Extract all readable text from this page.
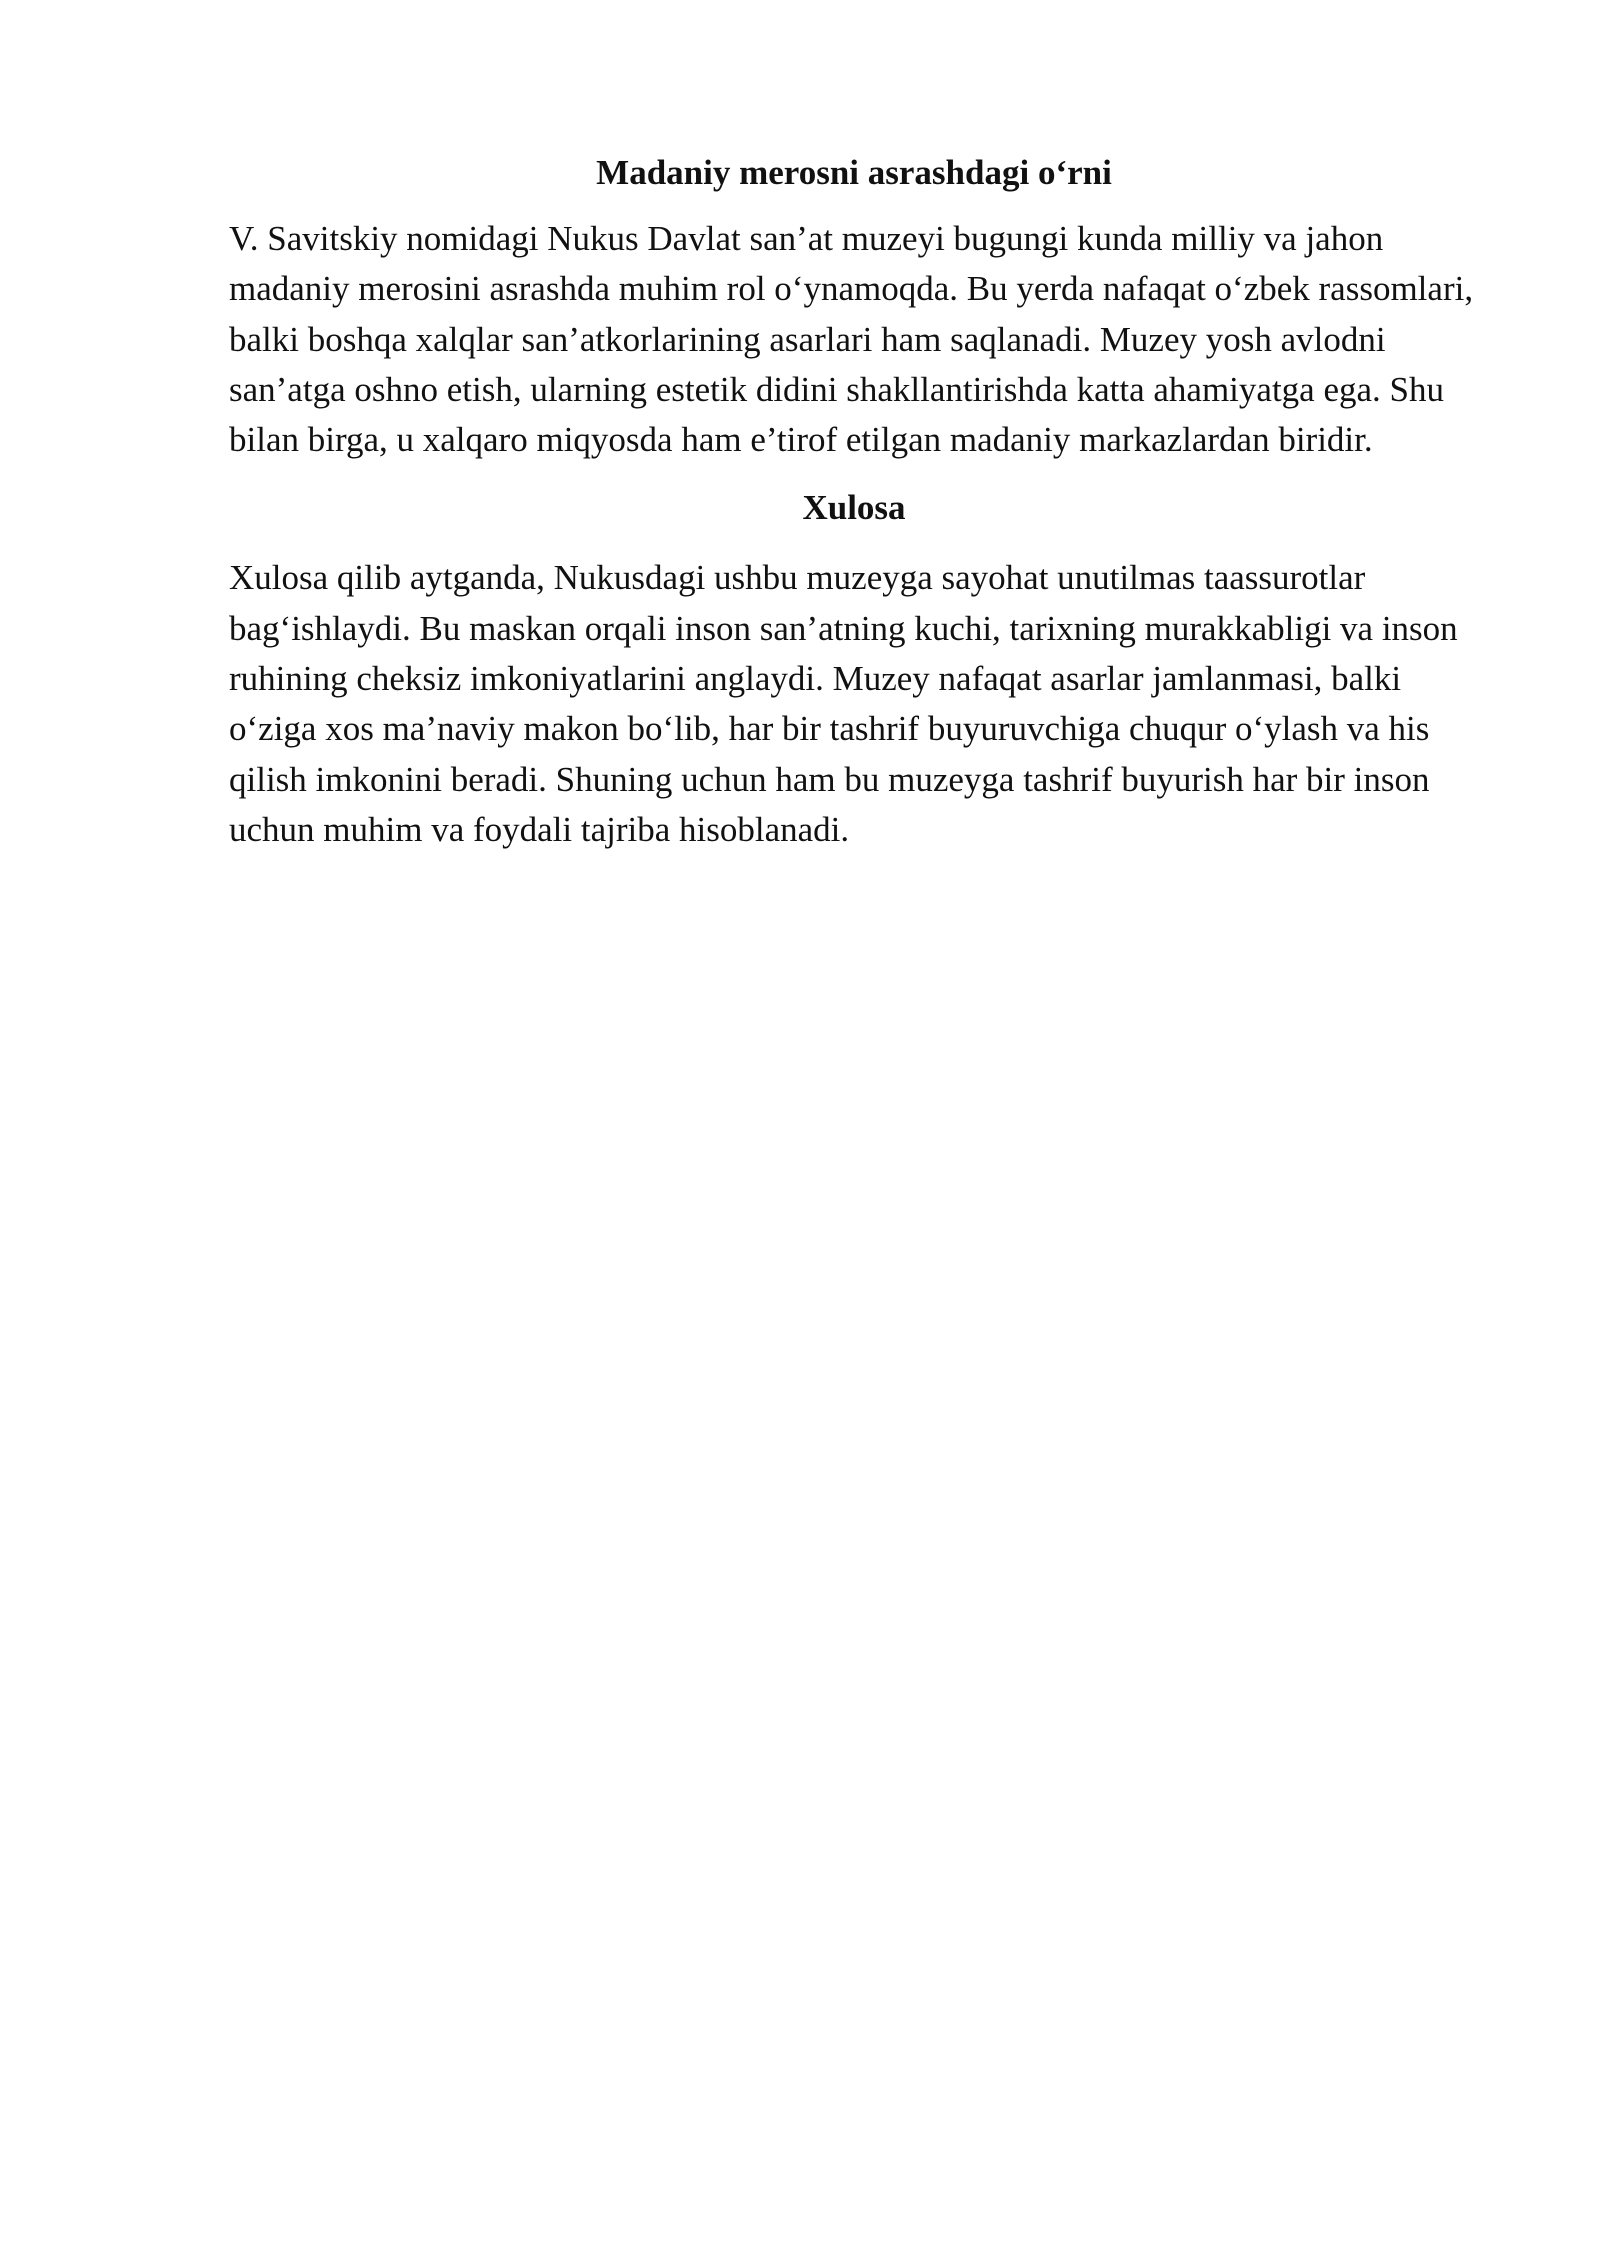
Madaniy merosni asrashdagi o‘rni

V. Savitskiy nomidagi Nukus Davlat san’at muzeyi bugungi kunda milliy va jahon madaniy merosini asrashda muhim rol o‘ynamoqda. Bu yerda nafaqat o‘zbek rassomlari, balki boshqa xalqlar san’atkorlarining asarlari ham saqlanadi. Muzey yosh avlodni san’atga oshno etish, ularning estetik didini shakllantirishda katta ahamiyatga ega. Shu bilan birga, u xalqaro miqyosda ham e’tirof etilgan madaniy markazlardan biridir.

Xulosa

Xulosa qilib aytganda, Nukusdagi ushbu muzeyga sayohat unutilmas taassurotlar bag‘ishlaydi. Bu maskan orqali inson san’atning kuchi, tarixning murakkabligi va inson ruhining cheksiz imkoniyatlarini anglaydi. Muzey nafaqat asarlar jamlanmasi, balki o‘ziga xos ma’naviy makon bo‘lib, har bir tashrif buyuruvchiga chuqur o‘ylash va his qilish imkonini beradi. Shuning uchun ham bu muzeyga tashrif buyurish har bir inson uchun muhim va foydali tajriba hisoblanadi.
